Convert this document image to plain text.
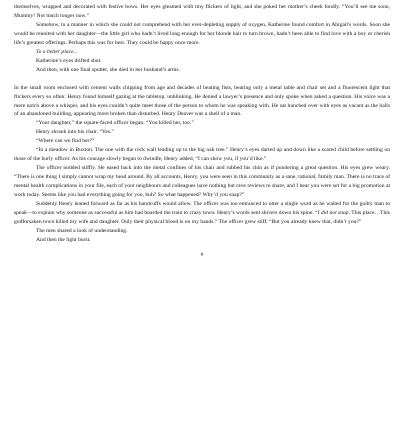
themselves, wrapped and decorated with festive bows. Her eyes gleamed with tiny flickers of light, and she poked her mother’s cheek fondly. “You’ll see me soon, Mummy! Not much longer now.”

Somehow, in a manner in which she could not comprehend with her ever-depleting supply of oxygen, Katherine found comfort in Abigail's words. Soon she would be reunited with her daughter—the little girl who hadn’t lived long enough for her blonde hair to turn brown, hadn’t been able to find love with a boy or cherish life’s greatest offerings. Perhaps this was for best. They could be happy once more.

To a better place...

Katherine’s eyes drifted shut.

And then, with one final sputter, she died in her husband’s arms.

In the small room enclosed with cement walls chipping from age and decades of beating fists, bearing only a metal table and chair set and a fluorescent light that flickers every so often: Henry found himself gazing at the tabletop, unblinking. He denied a lawyer’s presence and only spoke when asked a question. His voice was a mere notch above a whisper, and his eyes couldn’t quite meet those of the person to whom he was speaking with. He sat hunched over with eyes as vacant as the halls of an abandoned building, appearing more broken than disturbed. Henry Deaver was a shell of a man.

“Your daughter,” the square-faced officer began. “You killed her, too.”

Henry shrank into his chair. “Yes.”

“Where can we find her?”

“In a meadow in Buxton. The one with the rock wall leading up to the big oak tree.” Henry’s eyes darted up and down like a scared child before settling on those of the burly officer. As his courage slowly began to dwindle, Henry added, “I can show you, if you’d like.”

The officer nodded stiffly. He eased back into the metal confines of his chair and rubbed his chin as if pondering a great question. His eyes grew weary. “There is one thing I simply cannot wrap my head around. By all accounts, Henry, you were seen in this community as a sane, rational, family man. There is no trace of mental health complications in your file, each of your neighbours and colleagues have nothing but rave reviews to share, and I hear you were set for a big promotion at work today. Seems like you had everything going for you, huh? So what happened? Why’d you snap?”

Suddenly Henry leaned forward as far as his handcuffs would allow. The officer was too entranced to utter a single word as he waited for the guilty man to speak—to explain why someone as successful as him had boarded the train to crazy town. Henry’s words sent shivers down his spine. “I did not snap. This place…This godforsaken town killed my wife and daughter. Only their physical blood is on my hands.” The officer grew stiff. “But you already knew that, didn’t you?”

The men shared a look of understanding.

And then the light burst.

#
